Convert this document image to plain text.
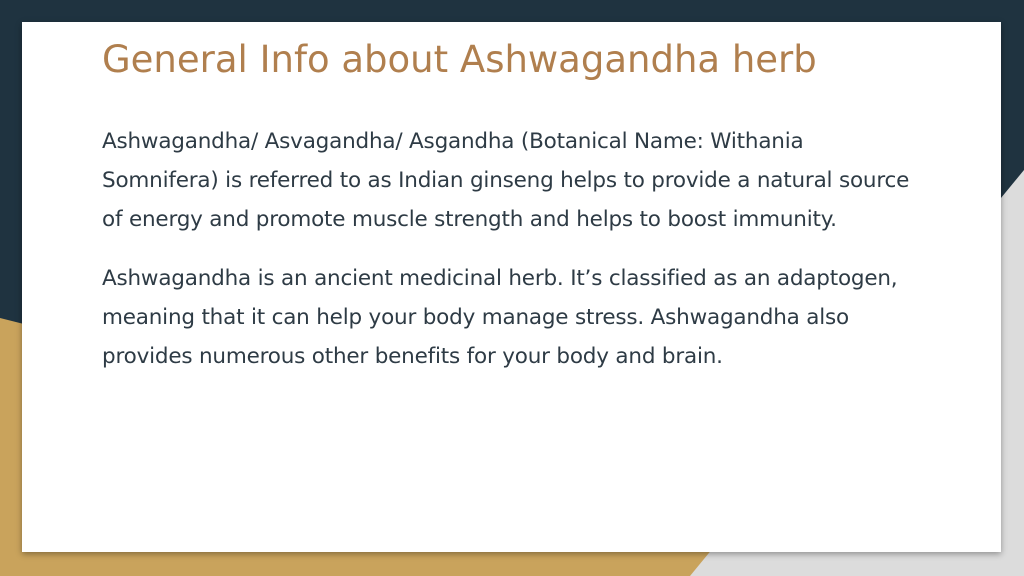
General Info about Ashwagandha herb

Ashwagandha/ Asvagandha/ Asgandha (Botanical Name: Withania Somnifera) is referred to as Indian ginseng helps to provide a natural source of energy and promote muscle strength and helps to boost immunity.

Ashwagandha is an ancient medicinal herb. It’s classified as an adaptogen, meaning that it can help your body manage stress. Ashwagandha also provides numerous other benefits for your body and brain.
